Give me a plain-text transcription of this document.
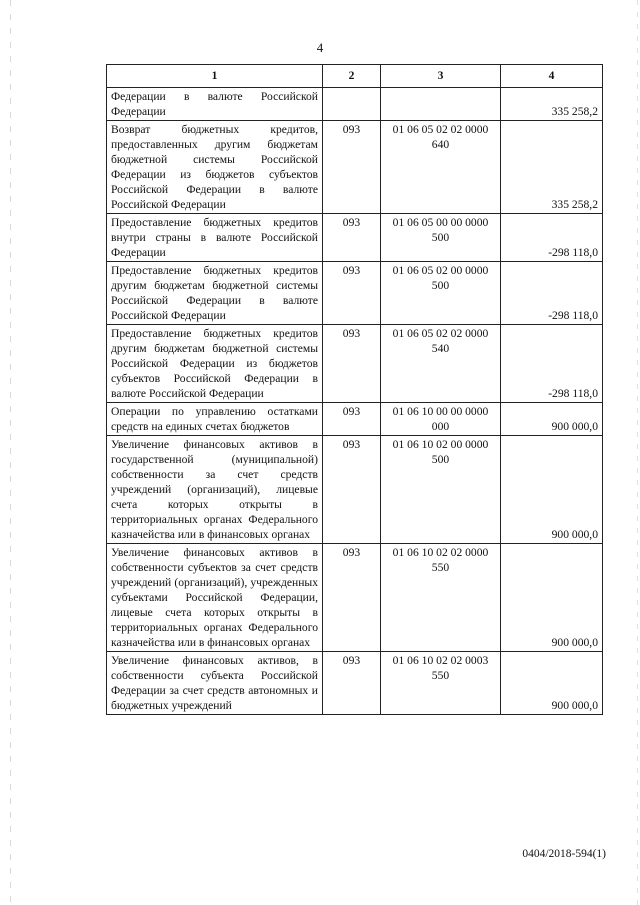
4
1	2	3	4
Федерации в валюте Российской Федерации			335 258,2
Возврат бюджетных кредитов, предоставленных другим бюджетам бюджетной системы Российской Федерации из бюджетов субъектов Российской Федерации в валюте Российской Федерации	093	01 06 05 02 02 0000 640	335 258,2
Предоставление бюджетных кредитов внутри страны в валюте Российской Федерации	093	01 06 05 00 00 0000 500	-298 118,0
Предоставление бюджетных кредитов другим бюджетам бюджетной системы Российской Федерации в валюте Российской Федерации	093	01 06 05 02 00 0000 500	-298 118,0
Предоставление бюджетных кредитов другим бюджетам бюджетной системы Российской Федерации из бюджетов субъектов Российской Федерации в валюте Российской Федерации	093	01 06 05 02 02 0000 540	-298 118,0
Операции по управлению остатками средств на единых счетах бюджетов	093	01 06 10 00 00 0000 000	900 000,0
Увеличение финансовых активов в государственной (муниципальной) собственности за счет средств учреждений (организаций), лицевые счета которых открыты в территориальных органах Федерального казначейства или в финансовых органах	093	01 06 10 02 00 0000 500	900 000,0
Увеличение финансовых активов в собственности субъектов за счет средств учреждений (организаций), учрежденных субъектами Российской Федерации, лицевые счета которых открыты в территориальных органах Федерального казначейства или в финансовых органах	093	01 06 10 02 02 0000 550	900 000,0
Увеличение финансовых активов, в собственности субъекта Российской Федерации за счет средств автономных и бюджетных учреждений	093	01 06 10 02 02 0003 550	900 000,0
0404/2018-594(1)
